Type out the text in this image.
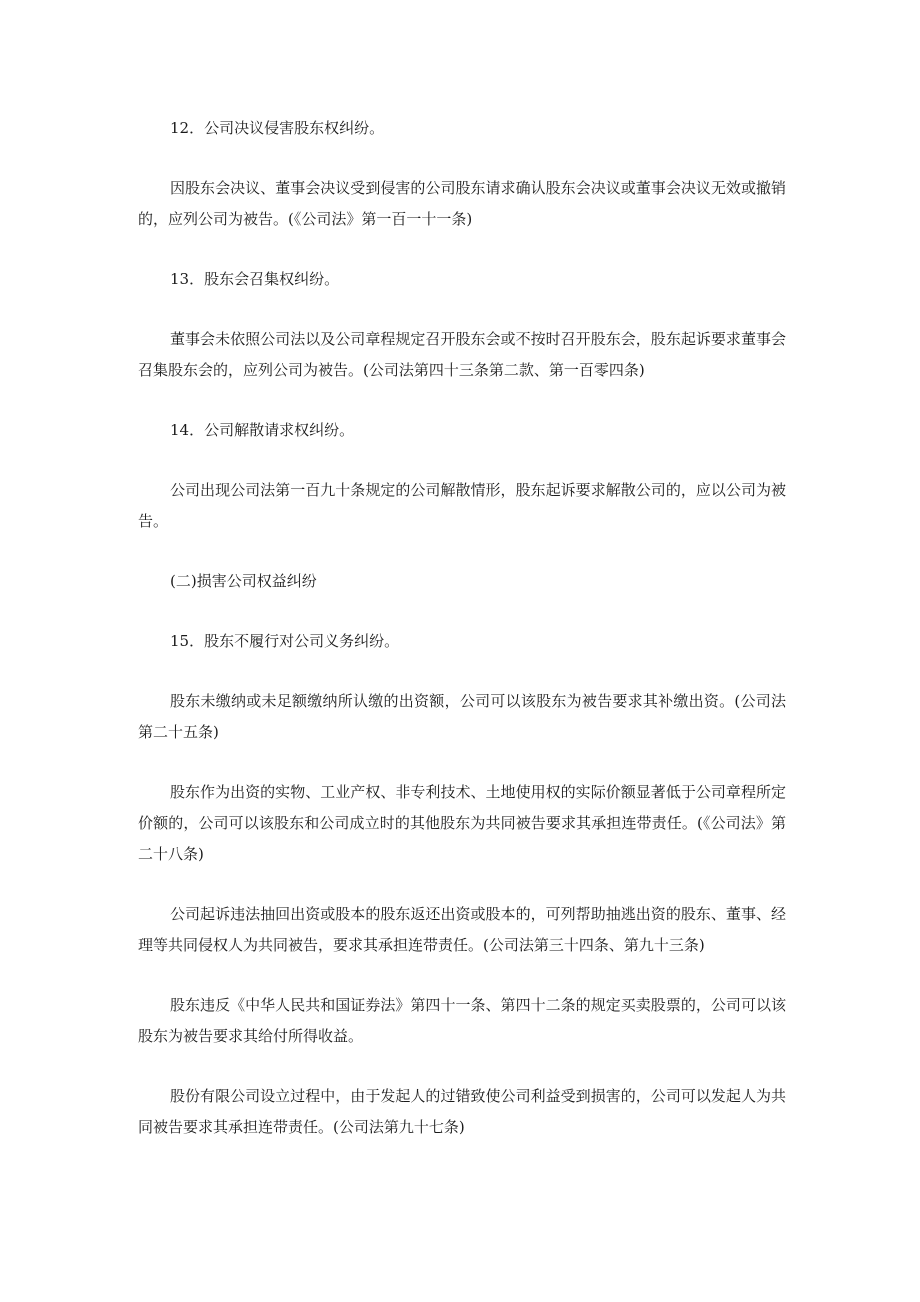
12．公司决议侵害股东权纠纷。

因股东会决议、董事会决议受到侵害的公司股东请求确认股东会决议或董事会决议无效或撤销的，应列公司为被告。(《公司法》第一百一十一条)

13．股东会召集权纠纷。

董事会未依照公司法以及公司章程规定召开股东会或不按时召开股东会，股东起诉要求董事会召集股东会的，应列公司为被告。(公司法第四十三条第二款、第一百零四条)

14．公司解散请求权纠纷。

公司出现公司法第一百九十条规定的公司解散情形，股东起诉要求解散公司的，应以公司为被告。

(二)损害公司权益纠纷

15．股东不履行对公司义务纠纷。

股东未缴纳或未足额缴纳所认缴的出资额，公司可以该股东为被告要求其补缴出资。(公司法第二十五条)

股东作为出资的实物、工业产权、非专利技术、土地使用权的实际价额显著低于公司章程所定价额的，公司可以该股东和公司成立时的其他股东为共同被告要求其承担连带责任。(《公司法》第二十八条)

公司起诉违法抽回出资或股本的股东返还出资或股本的，可列帮助抽逃出资的股东、董事、经理等共同侵权人为共同被告，要求其承担连带责任。(公司法第三十四条、第九十三条)

股东违反《中华人民共和国证券法》第四十一条、第四十二条的规定买卖股票的，公司可以该股东为被告要求其给付所得收益。

股份有限公司设立过程中，由于发起人的过错致使公司利益受到损害的，公司可以发起人为共同被告要求其承担连带责任。(公司法第九十七条)
